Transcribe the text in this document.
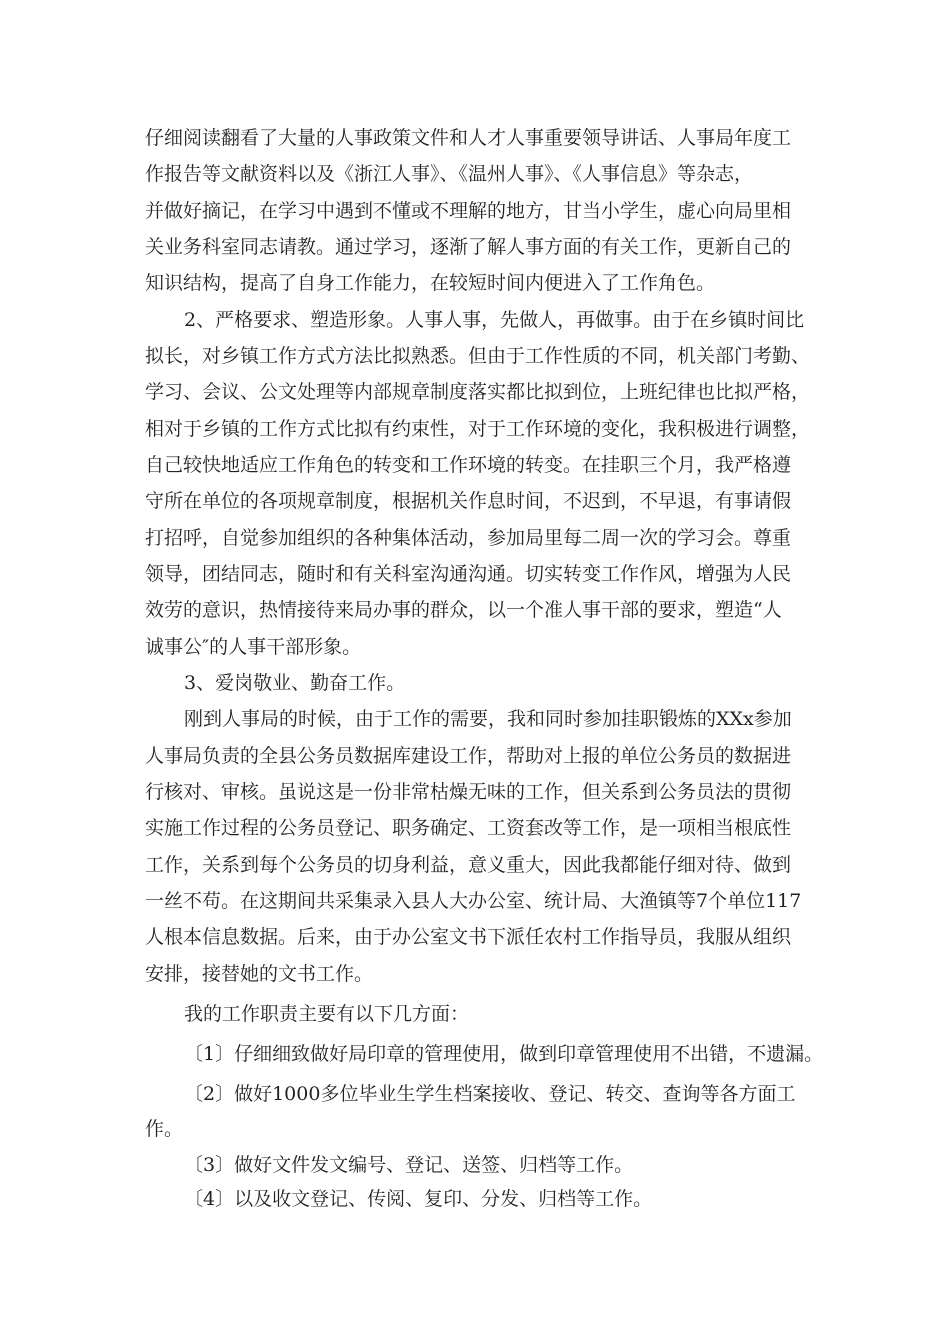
仔细阅读翻看了大量的人事政策文件和人才人事重要领导讲话、人事局年度工
作报告等文献资料以及《浙江人事》、《温州人事》、《人事信息》等杂志，
并做好摘记，在学习中遇到不懂或不理解的地方，甘当小学生，虚心向局里相
关业务科室同志请教。通过学习，逐渐了解人事方面的有关工作，更新自己的
知识结构，提高了自身工作能力，在较短时间内便进入了工作角色。
2、严格要求、塑造形象。人事人事，先做人，再做事。由于在乡镇时间比
拟长，对乡镇工作方式方法比拟熟悉。但由于工作性质的不同，机关部门考勤、
学习、会议、公文处理等内部规章制度落实都比拟到位，上班纪律也比拟严格，
相对于乡镇的工作方式比拟有约束性，对于工作环境的变化，我积极进行调整，
自己较快地适应工作角色的转变和工作环境的转变。在挂职三个月，我严格遵
守所在单位的各项规章制度，根据机关作息时间，不迟到，不早退，有事请假
打招呼，自觉参加组织的各种集体活动，参加局里每二周一次的学习会。尊重
领导，团结同志，随时和有关科室沟通沟通。切实转变工作作风，增强为人民
效劳的意识，热情接待来局办事的群众，以一个准人事干部的要求，塑造“人
诚事公″的人事干部形象。
3、爱岗敬业、勤奋工作。
刚到人事局的时候，由于工作的需要，我和同时参加挂职锻炼的XXx参加
人事局负责的全县公务员数据库建设工作，帮助对上报的单位公务员的数据进
行核对、审核。虽说这是一份非常枯燥无味的工作，但关系到公务员法的贯彻
实施工作过程的公务员登记、职务确定、工资套改等工作，是一项相当根底性
工作，关系到每个公务员的切身利益，意义重大，因此我都能仔细对待、做到
一丝不苟。在这期间共采集录入县人大办公室、统计局、大渔镇等7个单位117
人根本信息数据。后来，由于办公室文书下派任农村工作指导员，我服从组织
安排，接替她的文书工作。
我的工作职责主要有以下几方面：
〔1〕仔细细致做好局印章的管理使用，做到印章管理使用不出错，不遗漏。
〔2〕做好1000多位毕业生学生档案接收、登记、转交、查询等各方面工
作。
〔3〕做好文件发文编号、登记、送签、归档等工作。
〔4〕以及收文登记、传阅、复印、分发、归档等工作。
